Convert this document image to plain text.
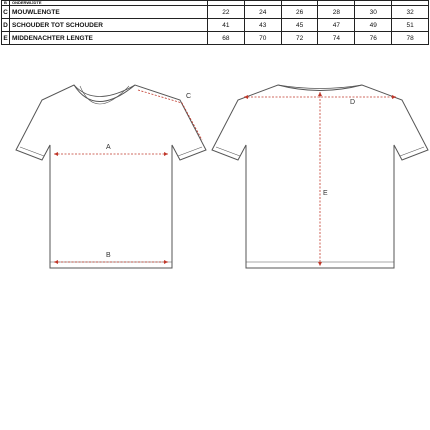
B	ONDERWIJDTE						
C	MOUWLENGTE	22	24	26	28	30	32
D	SCHOUDER TOT SCHOUDER	41	43	45	47	49	51
E	MIDDENACHTER LENGTE	68	70	72	74	76	78
A
B
C
D
E
